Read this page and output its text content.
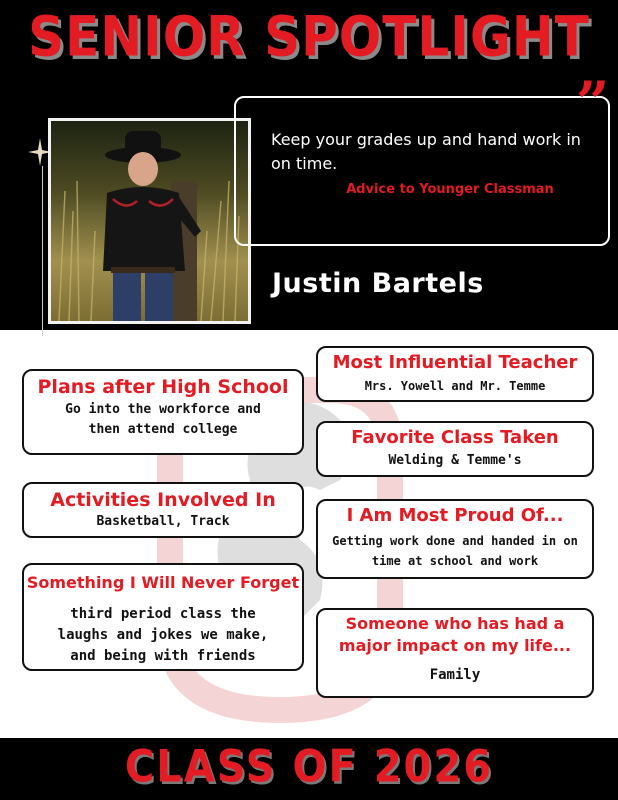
SENIOR SPOTLIGHT
”
Keep your grades up and hand work in on time.
Advice to Younger Classman
Justin Bartels
Plans after High School
Go into the workforce and then attend college
Activities Involved In
Basketball, Track
Something I Will Never Forget
third period class the laughs and jokes we make, and being with friends
Most Influential Teacher
Mrs. Yowell and Mr. Temme
Favorite Class Taken
Welding & Temme's
I Am Most Proud Of...
Getting work done and handed in on time at school and work
Someone who has had a major impact on my life...
Family
CLASS OF 2026
